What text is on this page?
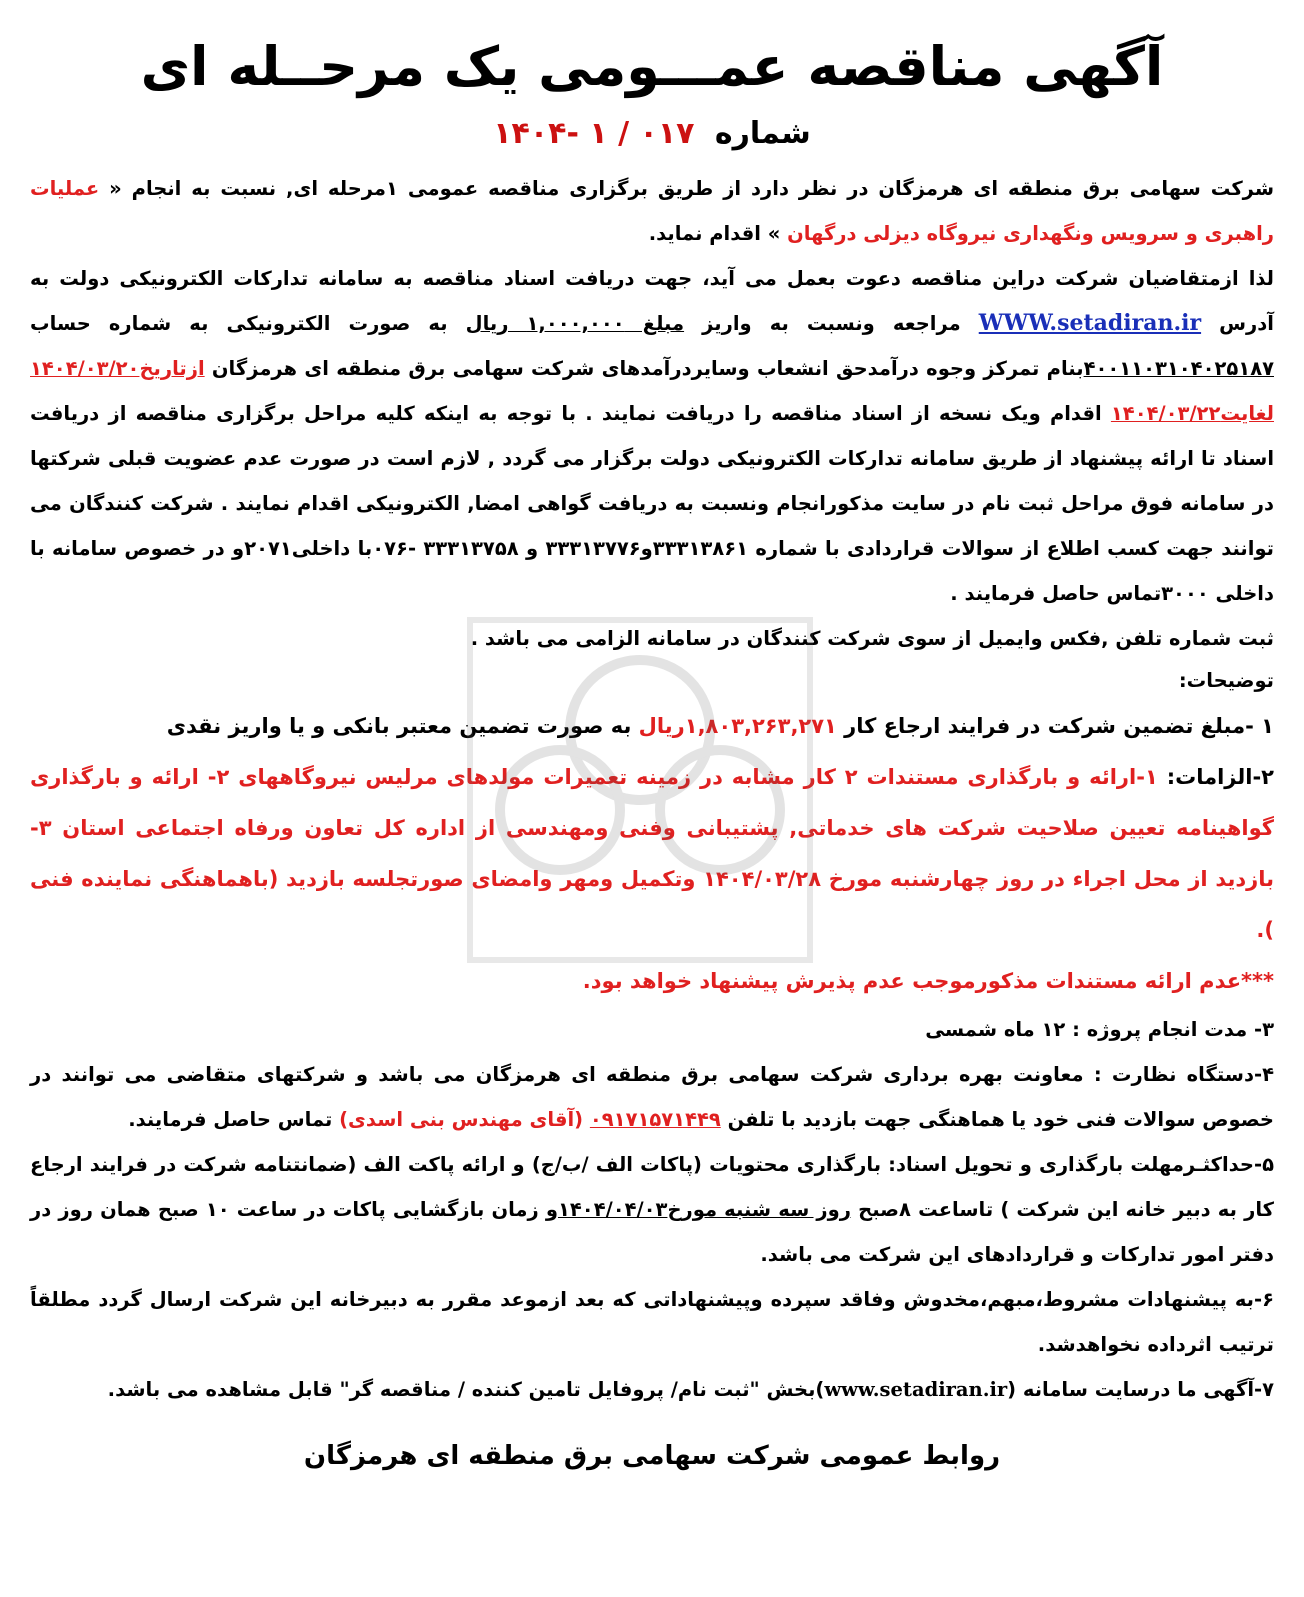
آگهی مناقصه عمـــومی یک مرحــله ای
شماره ۰۱۷ / ۱ -۱۴۰۴

شرکت سهامی برق منطقه ای هرمزگان در نظر دارد از طریق برگزاری مناقصه عمومی ۱مرحله ای, نسبت به انجام « عملیات راهبری و سرویس ونگهداری نیروگاه دیزلی درگهان » اقدام نماید.

لذا ازمتقاضیان شرکت دراین مناقصه دعوت بعمل می آید، جهت دریافت اسناد مناقصه به سامانه تدارکات الکترونیکی دولت به آدرس WWW.setadiran.ir مراجعه ونسبت به واریز مبلغ ۱,۰۰۰,۰۰۰ ریال به صورت الکترونیکی به شماره حساب ۴۰۰۱۱۰۳۱۰۴۰۲۵۱۸۷بنام تمرکز وجوه درآمدحق انشعاب وسایردرآمدهای شرکت سهامی برق منطقه ای هرمزگان ازتاریخ۱۴۰۴/۰۳/۲۰ لغایت۱۴۰۴/۰۳/۲۲ اقدام ویک نسخه از اسناد مناقصه را دریافت نمایند . با توجه به اینکه کلیه مراحل برگزاری مناقصه از دریافت اسناد تا ارائه پیشنهاد از طریق سامانه تدارکات الکترونیکی دولت برگزار می گردد , لازم است در صورت عدم عضویت قبلی شرکتها در سامانه فوق مراحل ثبت نام در سایت مذکورانجام ونسبت به دریافت گواهی امضا, الکترونیکی اقدام نمایند . شرکت کنندگان می توانند جهت کسب اطلاع از سوالات قراردادی با شماره ۳۳۳۱۳۸۶۱و۳۳۳۱۳۷۷۶ و ۳۳۳۱۳۷۵۸ -۰۷۶با داخلی۲۰۷۱و در خصوص سامانه با داخلی ۳۰۰۰تماس حاصل فرمایند .

ثبت شماره تلفن ,فکس وایمیل از سوی شرکت کنندگان در سامانه الزامی می باشد .

توضیحات:

۱ -مبلغ تضمین شرکت در فرایند ارجاع کار ۱,۸۰۳,۲۶۳,۲۷۱ریال به صورت تضمین معتبر بانکی و یا واریز نقدی

۲-الزامات: ۱-ارائه و بارگذاری مستندات ۲ کار مشابه در زمینه تعمیرات مولدهای مرلیس نیروگاههای ۲- ارائه و بارگذاری گواهینامه تعیین صلاحیت شرکت های خدماتی, پشتیبانی وفنی ومهندسی از اداره کل تعاون ورفاه اجتماعی استان ۳- بازدید از محل اجراء در روز چهارشنبه مورخ ۱۴۰۴/۰۳/۲۸ وتکمیل ومهر وامضای صورتجلسه بازدید (باهماهنگی نماینده فنی ).

***عدم ارائه مستندات مذکورموجب عدم پذیرش پیشنهاد خواهد بود.

۳- مدت انجام پروژه : ۱۲ ماه شمسی

۴-دستگاه نظارت : معاونت بهره برداری شرکت سهامی برق منطقه ای هرمزگان می باشد و شرکتهای متقاضی می توانند در خصوص سوالات فنی خود یا هماهنگی جهت بازدید با تلفن ۰۹۱۷۱۵۷۱۴۴۹ (آقای مهندس بنی اسدی) تماس حاصل فرمایند.

۵-حداکثـرمهلت بارگذاری و تحویل اسناد: بارگذاری محتویات (پاکات الف /ب/ج) و ارائه پاکت الف (ضمانتنامه شرکت در فرایند ارجاع کار به دبیر خانه این شرکت ) تاساعت ۸صبح روز سه شنبه مورخ۱۴۰۴/۰۴/۰۳و زمان بازگشایی پاکات در ساعت ۱۰ صبح همان روز در دفتر امور تدارکات و قراردادهای این شرکت می باشد.

۶-به پیشنهادات مشروط،مبهم،مخدوش وفاقد سپرده وپیشنهاداتی که بعد ازموعد مقرر به دبیرخانه این شرکت ارسال گردد مطلقاً ترتیب اثرداده نخواهدشد.

۷-آگهی ما درسایت سامانه (www.setadiran.ir)بخش "ثبت نام/ پروفایل تامین کننده / مناقصه گر" قابل مشاهده می باشد.

روابط عمومی شرکت سهامی برق منطقه ای هرمزگان
